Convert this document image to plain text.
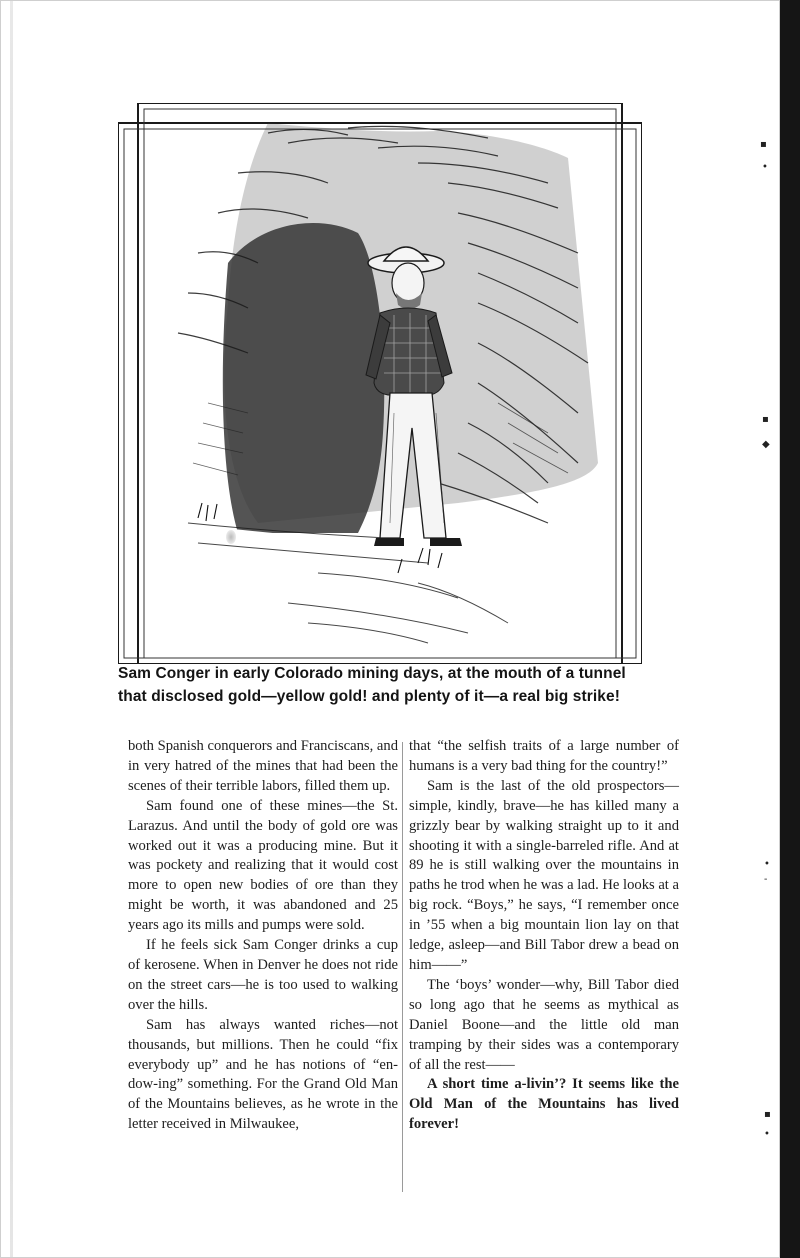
▪
•
▪
◆
•
-
▪
•
Sam Conger in early Colorado mining days, at the mouth of a tunnel that disclosed gold—yellow gold! and plenty of it—a real big strike!

both Spanish conquerors and Franciscans, and in very hatred of the mines that had been the scenes of their terrible labors, filled them up.

Sam found one of these mines—the St. Larazus. And until the body of gold ore was worked out it was a producing mine. But it was pockety and realizing that it would cost more to open new bodies of ore than they might be worth, it was abandoned and 25 years ago its mills and pumps were sold.

If he feels sick Sam Conger drinks a cup of kerosene. When in Denver he does not ride on the street cars—he is too used to walking over the hills.

Sam has always wanted riches—not thousands, but millions. Then he could “fix everybody up” and he has notions of “en-dow-ing” something. For the Grand Old Man of the Mountains believes, as he wrote in the letter received in Milwaukee,

that “the selfish traits of a large number of humans is a very bad thing for the country!”

Sam is the last of the old prospectors—simple, kindly, brave—he has killed many a grizzly bear by walking straight up to it and shooting it with a single-barreled rifle. And at 89 he is still walking over the mountains in paths he trod when he was a lad. He looks at a big rock. “Boys,” he says, “I remember once in ’55 when a big mountain lion lay on that ledge, asleep—and Bill Tabor drew a bead on him——”

The ‘boys’ wonder—why, Bill Tabor died so long ago that he seems as mythical as Daniel Boone—and the little old man tramping by their sides was a contemporary of all the rest——

A short time a-livin’? It seems like the Old Man of the Mountains has lived forever!
